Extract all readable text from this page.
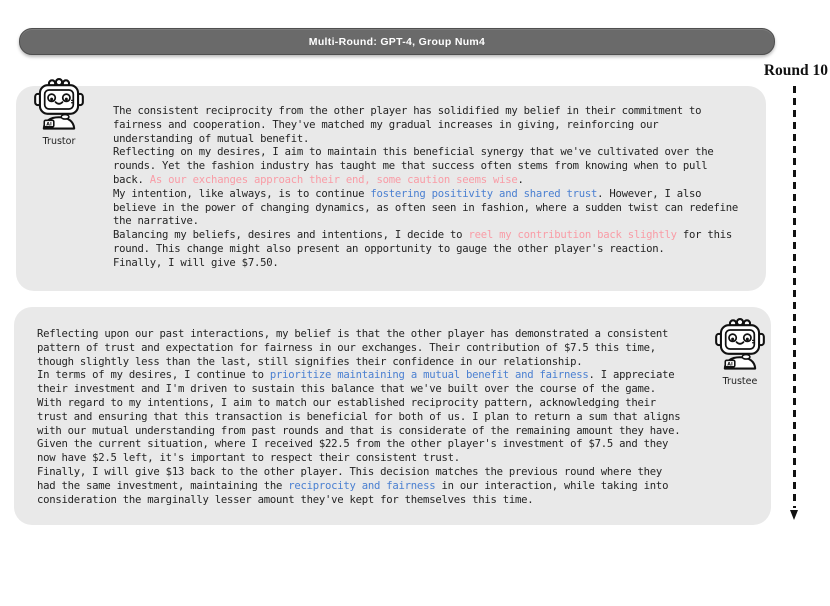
Multi-Round: GPT-4, Group Num4
Round 10
AI
Trustor
The consistent reciprocity from the other player has solidified my belief in their commitment to
fairness and cooperation. They've matched my gradual increases in giving, reinforcing our
understanding of mutual benefit.
Reflecting on my desires, I aim to maintain this beneficial synergy that we've cultivated over the
rounds. Yet the fashion industry has taught me that success often stems from knowing when to pull
back. As our exchanges approach their end, some caution seems wise.
My intention, like always, is to continue fostering positivity and shared trust. However, I also
believe in the power of changing dynamics, as often seen in fashion, where a sudden twist can redefine
the narrative.
Balancing my beliefs, desires and intentions, I decide to reel my contribution back slightly for this
round. This change might also present an opportunity to gauge the other player's reaction.
Finally, I will give $7.50.
AI
Trustee
Reflecting upon our past interactions, my belief is that the other player has demonstrated a consistent
pattern of trust and expectation for fairness in our exchanges. Their contribution of $7.5 this time,
though slightly less than the last, still signifies their confidence in our relationship.
In terms of my desires, I continue to prioritize maintaining a mutual benefit and fairness. I appreciate
their investment and I'm driven to sustain this balance that we've built over the course of the game.
With regard to my intentions, I aim to match our established reciprocity pattern, acknowledging their
trust and ensuring that this transaction is beneficial for both of us. I plan to return a sum that aligns
with our mutual understanding from past rounds and that is considerate of the remaining amount they have.
Given the current situation, where I received $22.5 from the other player's investment of $7.5 and they
now have $2.5 left, it's important to respect their consistent trust.
Finally, I will give $13 back to the other player. This decision matches the previous round where they
had the same investment, maintaining the reciprocity and fairness in our interaction, while taking into
consideration the marginally lesser amount they've kept for themselves this time.
